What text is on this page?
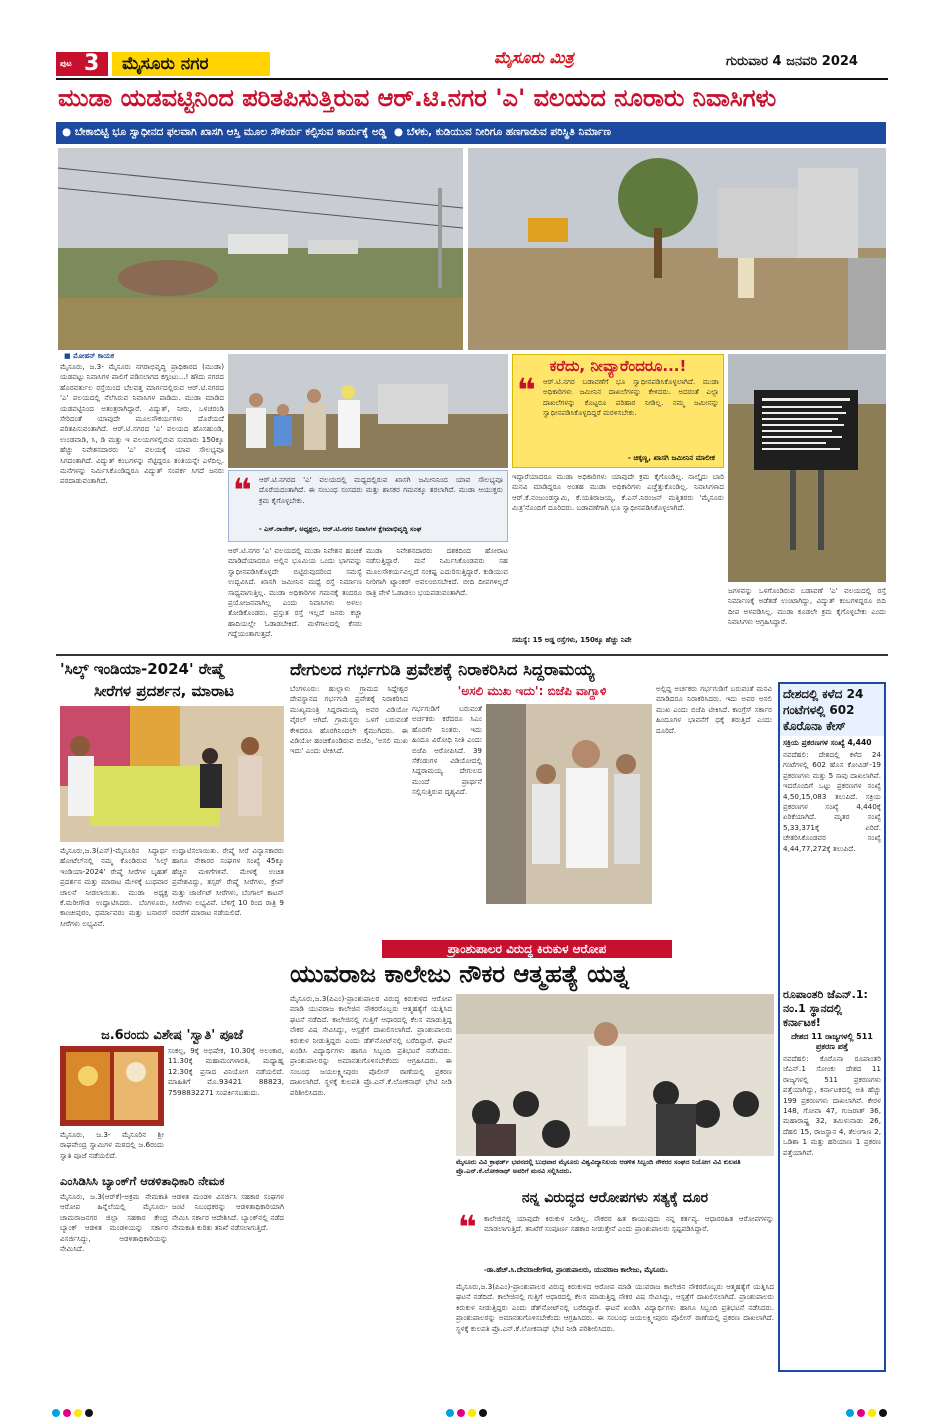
ಪುಟ 3	ಮೈಸೂರು ನಗರ	ಮೈಸೂರು ಮಿತ್ರ	ಗುರುವಾರ 4 ಜನವರಿ 2024
ಮುಡಾ ಯಡವಟ್ಟಿನಿಂದ ಪರಿತಪಿಸುತ್ತಿರುವ ಆರ್.ಟಿ.ನಗರ 'ಎ' ವಲಯದ ನೂರಾರು ನಿವಾಸಿಗಳು
● ಬೇಕಾಬಿಟ್ಟಿ ಭೂ ಸ್ವಾಧೀನದ ಫಲವಾಗಿ ಖಾಸಗಿ ಆಸ್ತಿ ಮೂಲ ಸೌಕರ್ಯ ಕಲ್ಪಿಸುವ ಕಾರ್ಯಕ್ಕೆ ಅಡ್ಡಿ ● ಬೆಳಕು, ಕುಡಿಯುವ ನೀರಿಗೂ ಹಣಗಾಡುವ ಪರಿಸ್ಥಿತಿ ನಿರ್ಮಾಣ
■ ಮೋಹನ್ ಕಾಯಕ
ಮೈಸೂರು, ಜ.3- ಮೈಸೂರು ನಗರಾಭಿವೃದ್ಧಿ ಪ್ರಾಧಿಕಾರದ (ಮುಡಾ) ಯಡವಟ್ಟು ನಿವಾಸಿಗಳ ಪಾಲಿಗೆ ಪಡಿಸಲಾಗದ ಕಗ್ಗಂಟು...! ಹೌದು ನಗರದ ಹೊರವರ್ತುಲ ರಸ್ತೆಯಿಂದ ಬೆಲವತ್ತ ಮಾರ್ಗದಲ್ಲಿರುವ ಆರ್.ಟಿ.ನಗರದ 'ಎ' ವಲಯದಲ್ಲಿ ನೆಲೆಸಿರುವ ನಿವಾಸಿಗಳ ಪಾಡಿದು. ಮುಡಾ ಮಾಡಿದ ಯಡವಟ್ಟಿನಿಂದ ಅತಂತ್ರರಾಗಿದ್ದಾರೆ. ವಿದ್ಯುತ್, ನೀರು, ಒಳಚರಂಡಿ ಸೇರಿದಂತೆ ಯಾವುದೇ ಮೂಲಸೌಕರ್ಯಗಳು ದೊರೆಯದೆ ಪರಿತಪಿಸುವಂತಾಗಿದೆ. ಆರ್.ಟಿ.ನಗರದ 'ಎ' ವಲಯದ ಹೊಸಹುಂಡಿ, ಉಂಡವಾಡಿ, ಸಿ, ಡಿ ಮತ್ತು ಇ ವಲಯಗಳಲ್ಲಿರುವ ಸುಮಾರು 150ಕ್ಕೂ ಹೆಚ್ಚು ನಿವೇಶನದಾರರು 'ಎ' ವಲಯಕ್ಕೆ ಯಾವ ಸೌಲಭ್ಯವೂ ಸಿಗದಂತಾಗಿದೆ. ವಿದ್ಯುತ್ ಕಂಬಗಳನ್ನು ನೆಟ್ಟಿದ್ದರೂ ತಂತಿಯನ್ನೇ ಎಳೆದಿಲ್ಲ. ಮನೆಗಳನ್ನು ನಿರ್ಮಿಸಿಕೊಂಡಿದ್ದರೂ ವಿದ್ಯುತ್ ಸಂಪರ್ಕ ಸಿಗದೆ ಜನರು ಪರದಾಡುವಂತಾಗಿದೆ.
ಕರೆದು, ನೀವ್ಯಾರೆಂದರೂ...!
❝ ಆರ್.ಟಿ.ನಗರ ಬಡಾವಣೆಗೆ ಭೂ ಸ್ವಾಧೀನಪಡಿಸಿಕೊಳ್ಳಲಾಗಿದೆ. ಮುಡಾ ಅಧಿಕಾರಿಗಳು ಜಮೀನಿನ ದಾಖಲೆಗಳನ್ನು ಕೇಳಿದರು. ಅದರಂತೆ ಎಲ್ಲಾ ದಾಖಲೆಗಳನ್ನು ಕೊಟ್ಟರೂ ಪರಿಹಾರ ನೀಡಿಲ್ಲ. ನಮ್ಮ ಜಮೀನನ್ನು ಸ್ವಾಧೀನಪಡಿಸಿಕೊಳ್ಳದಿದ್ದರೆ ಮರಳಿಸಬೇಕು.
- ಚಿಕ್ಕಣ್ಣ, ಖಾಸಗಿ ಜಮೀನಿನ ಮಾಲೀಕ
❝ ಆರ್.ಟಿ.ನಗರದ 'ಎ' ವಲಯದಲ್ಲಿ ಮಧ್ಯದಲ್ಲಿರುವ ಖಾಸಗಿ ಜಮೀನಿನಿಂದ ಯಾವ ಸೌಲಭ್ಯವೂ ದೊರೆಯದಂತಾಗಿದೆ. ಈ ಸಂಬಂಧ ಸಂಸದರು ಮತ್ತು ಶಾಸಕರ ಗಮನಕ್ಕೂ ತರಲಾಗಿದೆ. ಮುಡಾ ಆಯುಕ್ತರು ಕ್ರಮ ಕೈಗೊಳ್ಳಬೇಕು.
- ಎಸ್.ರಾಜೇಶ್, ಅಧ್ಯಕ್ಷರು, ಆರ್.ಟಿ.ನಗರ ನಿವಾಸಿಗಳ ಕ್ಷೇಮಾಭಿವೃದ್ಧಿ ಸಂಘ
ಆರ್.ಟಿ.ನಗರ 'ಎ' ವಲಯದಲ್ಲಿ ಮುಡಾ ನಿವೇಶನ ಹಂಚಿಕೆ ಮಾಡಿದೆಯಾದರೂ ಅಲ್ಲಿನ ಭೂಮಿಯ ಒಂದು ಭಾಗವನ್ನು ಸ್ವಾಧೀನಪಡಿಸಿಕೊಳ್ಳದೇ ಬಿಟ್ಟಿರುವುದರಿಂದ ಸಮಸ್ಯೆ ಉದ್ಭವಿಸಿದೆ. ಖಾಸಗಿ ಜಮೀನಿನ ಮಧ್ಯೆ ರಸ್ತೆ ನಿರ್ಮಾಣ ಸಾಧ್ಯವಾಗುತ್ತಿಲ್ಲ. ಮುಡಾ ಅಧಿಕಾರಿಗಳ ಗಮನಕ್ಕೆ ತಂದರೂ ಪ್ರಯೋಜನವಾಗಿಲ್ಲ ಎಂದು ನಿವಾಸಿಗಳು ಅಳಲು ತೋಡಿಕೊಂಡರು. ಪ್ರಸ್ತುತ ರಸ್ತೆ ಇಲ್ಲದೆ ಜನರು ಕಚ್ಚಾ ಹಾದಿಯಲ್ಲೇ ಓಡಾಡಬೇಕಿದೆ. ಮಳೆಗಾಲದಲ್ಲಿ ಕೆಸರು ಗದ್ದೆಯಂತಾಗುತ್ತದೆ.
ಮುಡಾ ನಿವೇಶನದಾರರು ದಶಕದಿಂದ ಹೋರಾಟ ನಡೆಸುತ್ತಿದ್ದಾರೆ. ಮನೆ ನಿರ್ಮಿಸಿಕೊಂಡವರು ಸಹ ಮೂಲಸೌಕರ್ಯವಿಲ್ಲದೆ ಸಂಕಷ್ಟ ಎದುರಿಸುತ್ತಿದ್ದಾರೆ. ಕುಡಿಯುವ ನೀರಿಗಾಗಿ ಟ್ಯಾಂಕರ್ ಅವಲಂಬಿಸಬೇಕಿದೆ. ಬೀದಿ ದೀಪಗಳಿಲ್ಲದೆ ರಾತ್ರಿ ವೇಳೆ ಓಡಾಡಲು ಭಯಪಡುವಂತಾಗಿದೆ.
ಇದ್ದಾರೆಯಾದರೂ ಮುಡಾ ಅಧಿಕಾರಿಗಳು ಯಾವುದೇ ಕ್ರಮ ಕೈಗೊಂಡಿಲ್ಲ. ನಾಲ್ಕೈದು ಬಾರಿ ಮನವಿ ಮಾಡಿದ್ದರೂ ಅಂತಹ ಮುಡಾ ಅಧಿಕಾರಿಗಳು ಎಚ್ಚೆತ್ತುಕೊಂಡಿಲ್ಲ. ನಿವಾಸಿಗಳಾದ ಆರ್.ಕೆ.ನಂಜುಂಡಸ್ವಾಮಿ, ಕೆ.ಯತಿರಾಜಯ್ಯ, ಕೆ.ಎಸ್.ನಿರಂಜನ್ ಮತ್ತಿತರರು 'ಮೈಸೂರು ಮಿತ್ರ'ನೊಂದಿಗೆ ದೂರಿದರು. ಬಡಾವಣೆಗಾಗಿ ಭೂ ಸ್ವಾಧೀನಪಡಿಸಿಕೊಳ್ಳಲಾಗಿದೆ.
ಸಮಸ್ಯೆ: 15 ಅಡ್ಡ ರಸ್ತೆಗಳು, 150ಕ್ಕೂ ಹೆಚ್ಚು ನಿವೇ
ಜಗಳವನ್ನು ಒಳಗೊಂಡಿರುವ ಬಡಾವಣೆ 'ಎ' ವಲಯದಲ್ಲಿ ರಸ್ತೆ ನಿರ್ಮಾಣಕ್ಕೆ ಅಡೆತಡೆ ಉಂಟಾಗಿದ್ದು, ವಿದ್ಯುತ್ ಕಂಬಗಳಿದ್ದರೂ ಬಿದಿ ದೀಪ ಅಳವಡಿಸಿಲ್ಲ. ಮುಡಾ ಕೂಡಲೇ ಕ್ರಮ ಕೈಗೊಳ್ಳಬೇಕು ಎಂದು ನಿವಾಸಿಗಳು ಆಗ್ರಹಿಸಿದ್ದಾರೆ.
'ಸಿಲ್ಕ್ ಇಂಡಿಯಾ-2024' ರೇಷ್ಮೆ
ಸೀರೆಗಳ ಪ್ರದರ್ಶನ, ಮಾರಾಟ
ಮೈಸೂರು,ಜ.3(ಎಸ್)-ಮೈಸೂರಿನ ಸಿದ್ಧಾರ್ಥ ಹೋಟೆಲ್‌ನಲ್ಲಿ ನಮ್ಮ ಕೊಂಡಿರುವ 'ಸಿಲ್ಕ್ ಇಂಡಿಯಾ-2024' ರೇಷ್ಮೆ ಸೀರೆಗಳ ಬೃಹತ್ ಪ್ರದರ್ಶನ ಮತ್ತು ಮಾರಾಟ ಮೇಳಕ್ಕೆ ಬುಧವಾರ ಚಾಲನೆ ನೀಡಲಾಯಿತು. ಮುಡಾ ಅಧ್ಯಕ್ಷ ಕೆ.ಮರೀಗೌಡ ಉದ್ಘಾಟಿಸಿದರು. ಬೆಂಗಳೂರು, ಕಾಂಚೀಪುರಂ, ಧರ್ಮಾವರಂ ಮತ್ತು ಬನಾರಸ್ ಸೀರೆಗಳು ಲಭ್ಯವಿವೆ.
ಉದ್ಘಾಟಿಸಲಾಯಿತು. ರೇಷ್ಮೆ ಸೀರೆ ವಿನ್ಯಾಸಕಾರರು ಹಾಗೂ ನೇಕಾರರ ಸಂಘಗಳ ಸಂಖ್ಯೆ 45ಕ್ಕೂ ಹೆಚ್ಚಿನ ಮಳಿಗೆಗಳಿವೆ. ಮೇಳಕ್ಕೆ ಉಚಿತ ಪ್ರವೇಶವಿದ್ದು, ತಸ್ಸರ್ ರೇಷ್ಮೆ ಸೀರೆಗಳು, ಕ್ರೇಪ್ ಮತ್ತು ಜಾರ್ಜೆಟ್ ಸೀರೆಗಳು, ಬೆಂಗಾಲ್ ಕಾಟನ್ ಸೀರೆಗಳು ಲಭ್ಯವಿವೆ. ಬೆಳಿಗ್ಗೆ 10 ರಿಂದ ರಾತ್ರಿ 9 ರವರೆಗೆ ಮಾರಾಟ ನಡೆಯಲಿದೆ.
ಜ.6ರಂದು ವಿಶೇಷ 'ಸ್ವಾತಿ' ಪೂಜೆ
ಮೈಸೂರು, ಜ.3- ಮೈಸೂರಿನ ಶ್ರೀ ರಾಘವೇಂದ್ರ ಸ್ವಾಮಿಗಳ ಮಠದಲ್ಲಿ ಜ.6ರಂದು ಸ್ವಾತಿ ಪೂಜೆ ನಡೆಯಲಿದೆ.
ಸಂಕಲ್ಪ, 9ಕ್ಕೆ ಅಭಿಷೇಕ, 10.30ಕ್ಕೆ ಅಲಂಕಾರ, 11.30ಕ್ಕೆ ಮಹಾಮಂಗಳಾರತಿ, ಮಧ್ಯಾಹ್ನ 12.30ಕ್ಕೆ ಪ್ರಸಾದ ವಿನಿಯೋಗ ನಡೆಯಲಿದೆ. ಮಾಹಿತಿಗೆ ಮೊ.93421 88823, 7598832271 ಸಂಪರ್ಕಿಸಬಹುದು.
ಎಂಸಿಡಿಸಿಸಿ ಬ್ಯಾಂಕ್‌ಗೆ ಆಡಳಿತಾಧಿಕಾರಿ ನೇಮಕ
ಮೈಸೂರು, ಜ.3(ಆರ್‌ಕೆ)-ಅಕ್ರಮ ನೇಮಕಾತಿ ಆರೋಪ ಹಿನ್ನೆಲೆಯಲ್ಲಿ ಮೈಸೂರು-ಚಾಮರಾಜನಗರ ಜಿಲ್ಲಾ ಸಹಕಾರ ಕೇಂದ್ರ ಬ್ಯಾಂಕ್ ಆಡಳಿತ ಮಂಡಳಿಯನ್ನು ಸರ್ಕಾರ ವಿಸರ್ಜಿಸಿದ್ದು, ಆಡಳಿತಾಧಿಕಾರಿಯನ್ನು ನೇಮಿಸಿದೆ.
ಆಡಳಿತ ಮಂಡಳಿ ವಿಸರ್ಜಿಸಿ ಸಹಕಾರ ಸಂಘಗಳ ಜಂಟಿ ನಿಬಂಧಕರನ್ನು ಆಡಳಿತಾಧಿಕಾರಿಯಾಗಿ ನೇಮಿಸಿ ಸರ್ಕಾರ ಆದೇಶಿಸಿದೆ. ಬ್ಯಾಂಕ್‌ನಲ್ಲಿ ನಡೆದ ನೇಮಕಾತಿ ಕುರಿತು ತನಿಖೆ ನಡೆಸಲಾಗುತ್ತಿದೆ.
ದೇಗುಲದ ಗರ್ಭಗುಡಿ ಪ್ರವೇಶಕ್ಕೆ ನಿರಾಕರಿಸಿದ ಸಿದ್ದರಾಮಯ್ಯ
ಬೆಂಗಳೂರು: ಹುಲ್ಲಾಳು ಗ್ರಾಮದ ಸಿದ್ದೇಶ್ವರ ದೇವಸ್ಥಾನದ ಗರ್ಭಗುಡಿ ಪ್ರವೇಶಕ್ಕೆ ನಿರಾಕರಿಸಿದ ಮುಖ್ಯಮಂತ್ರಿ ಸಿದ್ದರಾಮಯ್ಯ ಅವರ ವಿಡಿಯೋ ವೈರಲ್ ಆಗಿದೆ. ಗ್ರಾಮಸ್ಥರು ಒಳಗೆ ಬರುವಂತೆ ಕೇಳಿದರೂ ಹೊರಗಿನಿಂದಲೇ ಕೈಮುಗಿದರು. ಈ ವಿಡಿಯೋ ಹಂಚಿಕೊಂಡಿರುವ ಬಿಜೆಪಿ, 'ಅಸಲಿ ಮುಖ ಇದು' ಎಂದು ಟೀಕಿಸಿದೆ.
'ಅಸಲಿ ಮುಖ ಇದು': ಬಿಜೆಪಿ ವಾಗ್ದಾಳಿ
ಗರ್ಭಗುಡಿಗೆ ಬರುವಂತೆ ಅರ್ಚಕರು ಕರೆದರೂ ಸಿಎಂ ಹೊರಗೇ ನಿಂತರು. ಇದು ಹಿಂದೂ ವಿರೋಧಿ ನೀತಿ ಎಂದು ಬಿಜೆಪಿ ಆರೋಪಿಸಿದೆ. 39 ಸೆಕೆಂಡುಗಳ ವಿಡಿಯೋದಲ್ಲಿ ಸಿದ್ದರಾಮಯ್ಯ ದೇಗುಲದ ಮುಂದೆ ಪ್ರಾರ್ಥನೆ ಸಲ್ಲಿಸುತ್ತಿರುವ ದೃಶ್ಯವಿದೆ.
ಅಲ್ಲಿದ್ದ ಅರ್ಚಕರು ಗರ್ಭಗುಡಿಗೆ ಬರುವಂತೆ ಮನವಿ ಮಾಡಿದರೂ ನಿರಾಕರಿಸಿದರು. ಇದು ಅವರ ಅಸಲಿ ಮುಖ ಎಂದು ಬಿಜೆಪಿ ಟೀಕಿಸಿದೆ. ಕಾಂಗ್ರೆಸ್ ಸರ್ಕಾರ ಹಿಂದೂಗಳ ಭಾವನೆಗೆ ಧಕ್ಕೆ ತರುತ್ತಿದೆ ಎಂದು ದೂರಿದೆ.
ದೇಶದಲ್ಲಿ ಕಳೆದ 24 ಗಂಟೆಗಳಲ್ಲಿ 602 ಕೊರೊನಾ ಕೇಸ್
ಸಕ್ರಿಯ ಪ್ರಕರಣಗಳ ಸಂಖ್ಯೆ 4,440
ನವದೆಹಲಿ: ದೇಶದಲ್ಲಿ ಕಳೆದ 24 ಗಂಟೆಗಳಲ್ಲಿ 602 ಹೊಸ ಕೋವಿಡ್-19 ಪ್ರಕರಣಗಳು ಮತ್ತು 5 ಸಾವು ದಾಖಲಾಗಿವೆ. ಇದರೊಂದಿಗೆ ಒಟ್ಟು ಪ್ರಕರಣಗಳ ಸಂಖ್ಯೆ 4,50,15,083 ತಲುಪಿದೆ. ಸಕ್ರಿಯ ಪ್ರಕರಣಗಳ ಸಂಖ್ಯೆ 4,440ಕ್ಕೆ ಏರಿಕೆಯಾಗಿದೆ. ಮೃತರ ಸಂಖ್ಯೆ 5,33,371ಕ್ಕೆ ಏರಿದೆ. ಚೇತರಿಸಿಕೊಂಡವರ ಸಂಖ್ಯೆ 4,44,77,272ಕ್ಕೆ ತಲುಪಿದೆ.
ರೂಪಾಂತರಿ ಜೆಎನ್.1:
ನಂ.1 ಸ್ಥಾನದಲ್ಲಿ ಕರ್ನಾಟಕ!
ದೇಶದ 11 ರಾಜ್ಯಗಳಲ್ಲಿ 511 ಪ್ರಕರಣ ಪತ್ತೆ
ನವದೆಹಲಿ: ಕೊರೊನಾ ರೂಪಾಂತರಿ ಜೆಎನ್.1 ಸೋಂಕು ದೇಶದ 11 ರಾಜ್ಯಗಳಲ್ಲಿ 511 ಪ್ರಕರಣಗಳು ಪತ್ತೆಯಾಗಿದ್ದು, ಕರ್ನಾಟಕದಲ್ಲಿ ಅತಿ ಹೆಚ್ಚು 199 ಪ್ರಕರಣಗಳು ದಾಖಲಾಗಿವೆ. ಕೇರಳ 148, ಗೋವಾ 47, ಗುಜರಾತ್ 36, ಮಹಾರಾಷ್ಟ್ರ 32, ತಮಿಳುನಾಡು 26, ದೆಹಲಿ 15, ರಾಜಸ್ಥಾನ 4, ತೆಲಂಗಾಣ 2, ಒಡಿಶಾ 1 ಮತ್ತು ಹರಿಯಾಣ 1 ಪ್ರಕರಣ ಪತ್ತೆಯಾಗಿವೆ.
ಪ್ರಾಂಶುಪಾಲರ ವಿರುದ್ಧ ಕಿರುಕುಳ ಆರೋಪ
ಯುವರಾಜ ಕಾಲೇಜು ನೌಕರ ಆತ್ಮಹತ್ಯೆ ಯತ್ನ
ಮೈಸೂರು,ಜ.3(ಪಿಎಂ)-ಪ್ರಾಂಶುಪಾಲರ ವಿರುದ್ಧ ಕಿರುಕುಳದ ಆರೋಪ ಮಾಡಿ ಯುವರಾಜ ಕಾಲೇಜಿನ ನೌಕರರೊಬ್ಬರು ಆತ್ಮಹತ್ಯೆಗೆ ಯತ್ನಿಸಿದ ಘಟನೆ ನಡೆದಿದೆ. ಕಾಲೇಜಿನಲ್ಲಿ ಗುತ್ತಿಗೆ ಆಧಾರದಲ್ಲಿ ಕೆಲಸ ಮಾಡುತ್ತಿದ್ದ ನೌಕರ ವಿಷ ಸೇವಿಸಿದ್ದು, ಆಸ್ಪತ್ರೆಗೆ ದಾಖಲಿಸಲಾಗಿದೆ. ಪ್ರಾಂಶುಪಾಲರು ಕಿರುಕುಳ ನೀಡುತ್ತಿದ್ದರು ಎಂದು ಡೆತ್‌ನೋಟ್‌ನಲ್ಲಿ ಬರೆದಿದ್ದಾರೆ. ಘಟನೆ ಖಂಡಿಸಿ ವಿದ್ಯಾರ್ಥಿಗಳು ಹಾಗೂ ಸಿಬ್ಬಂದಿ ಪ್ರತಿಭಟನೆ ನಡೆಸಿದರು. ಪ್ರಾಂಶುಪಾಲರನ್ನು ಅಮಾನತುಗೊಳಿಸಬೇಕೆಂದು ಆಗ್ರಹಿಸಿದರು. ಈ ಸಂಬಂಧ ಜಯಲಕ್ಷ್ಮೀಪುರಂ ಪೊಲೀಸ್ ಠಾಣೆಯಲ್ಲಿ ಪ್ರಕರಣ ದಾಖಲಾಗಿದೆ. ಸ್ಥಳಕ್ಕೆ ಕುಲಪತಿ ಪ್ರೊ.ಎನ್.ಕೆ.ಲೋಕನಾಥ್ ಭೇಟಿ ನೀಡಿ ಪರಿಶೀಲಿಸಿದರು.
ಮೈಸೂರು ವಿವಿ ಕ್ರಾಫರ್ಡ್ ಭವನದಲ್ಲಿ ಬುಧವಾರ ಮೈಸೂರು ವಿಶ್ವವಿದ್ಯಾನಿಲಯ ಆಡಳಿತ ಸಿಬ್ಬಂದಿ ನೌಕರರ ಸಂಘದ ನಿಯೋಗ ವಿವಿ ಕುಲಪತಿ ಪ್ರೊ.ಎನ್.ಕೆ.ಲೋಕನಾಥ್ ಅವರಿಗೆ ಮನವಿ ಸಲ್ಲಿಸಿದರು.
ನನ್ನ ವಿರುದ್ಧದ ಆರೋಪಗಳು ಸತ್ಯಕ್ಕೆ ದೂರ
❝ ಕಾಲೇಜಿನಲ್ಲಿ ಯಾವುದೇ ಕಿರುಕುಳ ನೀಡಿಲ್ಲ. ನೌಕರರ ಹಿತ ಕಾಯುವುದು ನನ್ನ ಕರ್ತವ್ಯ. ಆಧಾರರಹಿತ ಆರೋಪಗಳನ್ನು ಮಾಡಲಾಗುತ್ತಿದೆ. ತನಿಖೆಗೆ ಸಂಪೂರ್ಣ ಸಹಕಾರ ನೀಡುತ್ತೇನೆ ಎಂದು ಪ್ರಾಂಶುಪಾಲರು ಸ್ಪಷ್ಟಪಡಿಸಿದ್ದಾರೆ.
-ಡಾ.ಹೆಚ್.ಸಿ.ದೇವರಾಜೇಗೌಡ, ಪ್ರಾಂಶುಪಾಲರು, ಯುವರಾಜ ಕಾಲೇಜು, ಮೈಸೂರು.
ಮೈಸೂರು,ಜ.3(ಪಿಎಂ)-ಪ್ರಾಂಶುಪಾಲರ ವಿರುದ್ಧ ಕಿರುಕುಳದ ಆರೋಪ ಮಾಡಿ ಯುವರಾಜ ಕಾಲೇಜಿನ ನೌಕರರೊಬ್ಬರು ಆತ್ಮಹತ್ಯೆಗೆ ಯತ್ನಿಸಿದ ಘಟನೆ ನಡೆದಿದೆ. ಕಾಲೇಜಿನಲ್ಲಿ ಗುತ್ತಿಗೆ ಆಧಾರದಲ್ಲಿ ಕೆಲಸ ಮಾಡುತ್ತಿದ್ದ ನೌಕರ ವಿಷ ಸೇವಿಸಿದ್ದು, ಆಸ್ಪತ್ರೆಗೆ ದಾಖಲಿಸಲಾಗಿದೆ. ಪ್ರಾಂಶುಪಾಲರು ಕಿರುಕುಳ ನೀಡುತ್ತಿದ್ದರು ಎಂದು ಡೆತ್‌ನೋಟ್‌ನಲ್ಲಿ ಬರೆದಿದ್ದಾರೆ. ಘಟನೆ ಖಂಡಿಸಿ ವಿದ್ಯಾರ್ಥಿಗಳು ಹಾಗೂ ಸಿಬ್ಬಂದಿ ಪ್ರತಿಭಟನೆ ನಡೆಸಿದರು. ಪ್ರಾಂಶುಪಾಲರನ್ನು ಅಮಾನತುಗೊಳಿಸಬೇಕೆಂದು ಆಗ್ರಹಿಸಿದರು. ಈ ಸಂಬಂಧ ಜಯಲಕ್ಷ್ಮೀಪುರಂ ಪೊಲೀಸ್ ಠಾಣೆಯಲ್ಲಿ ಪ್ರಕರಣ ದಾಖಲಾಗಿದೆ. ಸ್ಥಳಕ್ಕೆ ಕುಲಪತಿ ಪ್ರೊ.ಎನ್.ಕೆ.ಲೋಕನಾಥ್ ಭೇಟಿ ನೀಡಿ ಪರಿಶೀಲಿಸಿದರು.
